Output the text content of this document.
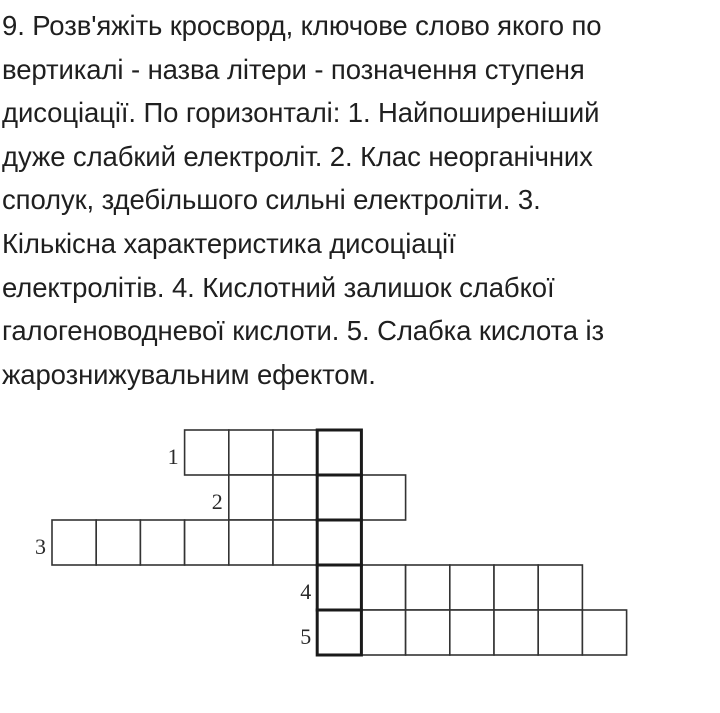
9. Розв'яжіть кросворд, ключове слово якого по
вертикалі - назва літери - позначення ступеня
дисоціації. По горизонталі: 1. Найпоширеніший
дуже слабкий електроліт. 2. Клас неорганічних
сполук, здебільшого сильні електроліти. 3.
Кількісна характеристика дисоціації
електролітів. 4. Кислотний залишок слабкої
галогеноводневої кислоти. 5. Слабка кислота із
жарознижувальним ефектом.
1
2
3
4
5
